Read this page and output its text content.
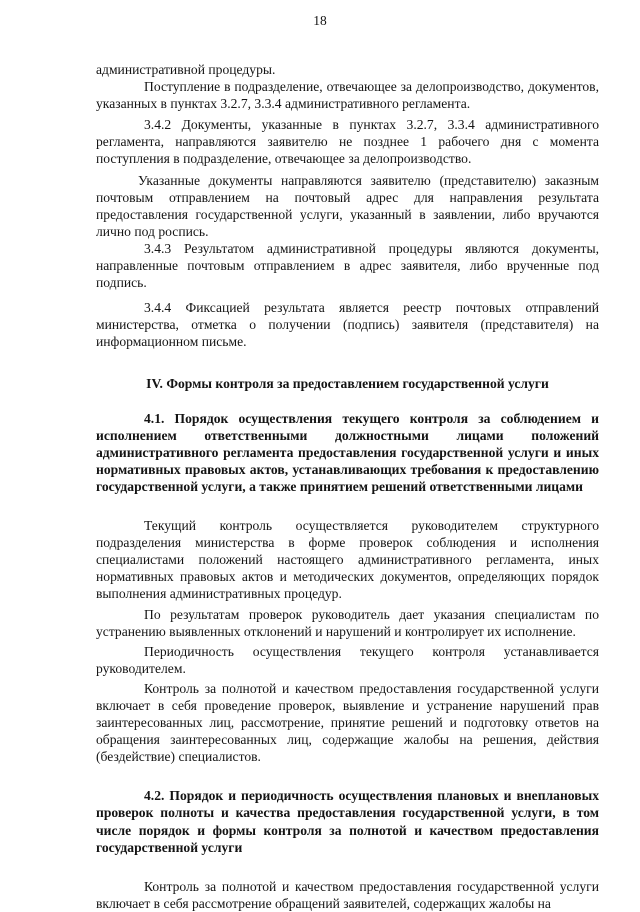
18

административной процедуры.

Поступление в подразделение, отвечающее за делопроизводство, документов, указанных в пунктах 3.2.7, 3.3.4 административного регламента.

3.4.2 Документы, указанные в пунктах 3.2.7, 3.3.4 административного регламента, направляются заявителю не позднее 1 рабочего дня с момента поступления в подразделение, отвечающее за делопроизводство.

Указанные документы направляются заявителю (представителю) заказным почтовым отправлением на почтовый адрес для направления результата предоставления государственной услуги, указанный в заявлении, либо вручаются лично под роспись.

3.4.3 Результатом административной процедуры являются документы, направленные почтовым отправлением в адрес заявителя, либо врученные под подпись.

3.4.4 Фиксацией результата является реестр почтовых отправлений министерства, отметка о получении (подпись) заявителя (представителя) на информационном письме.

IV. Формы контроля за предоставлением государственной услуги

4.1. Порядок осуществления текущего контроля за соблюдением и исполнением ответственными должностными лицами положений административного регламента предоставления государственной услуги и иных нормативных правовых актов, устанавливающих требования к предоставлению государственной услуги, а также принятием решений ответственными лицами

Текущий контроль осуществляется руководителем структурного подразделения министерства в форме проверок соблюдения и исполнения специалистами положений настоящего административного регламента, иных нормативных правовых актов и методических документов, определяющих порядок выполнения административных процедур.

По результатам проверок руководитель дает указания специалистам по устранению выявленных отклонений и нарушений и контролирует их исполнение.

Периодичность осуществления текущего контроля устанавливается руководителем.

Контроль за полнотой и качеством предоставления государственной услуги включает в себя проведение проверок, выявление и устранение нарушений прав заинтересованных лиц, рассмотрение, принятие решений и подготовку ответов на обращения заинтересованных лиц, содержащие жалобы на решения, действия (бездействие) специалистов.

4.2. Порядок и периодичность осуществления плановых и внеплановых проверок полноты и качества предоставления государственной услуги, в том числе порядок и формы контроля за полнотой и качеством предоставления государственной услуги

Контроль за полнотой и качеством предоставления государственной услуги включает в себя рассмотрение обращений заявителей, содержащих жалобы на
